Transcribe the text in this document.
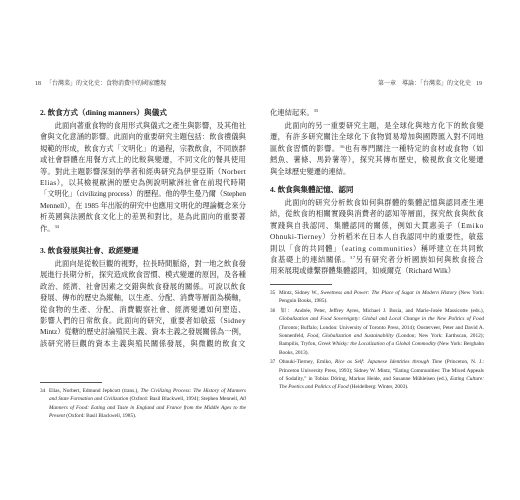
18 「台灣菜」的文化史：食物消費中的國家體現
2. 飲食方式（dining manners）與儀式
此面向著重食物的食用形式與儀式之產生與影響，及其他社
會與文化意涵的影響。此面向的重要研究主題包括：飲食禮儀與
規範的形成，飲食方式「文明化」的過程，宗教飲食，不同族群
或社會群體在用餐方式上的比較與變遷，不同文化的餐具使用
等。對此主題影響深刻的學者和經典研究為伊里亞斯（Norbert
Elias），以其檢視歐洲的歷史為例說明歐洲社會在前現代時期
「文明化」（civilizing process）的歷程。他的學生曼乃爾（Stephen
Mennell），在 1985 年出版的研究中也應用文明化的理論概念來分
析英國與法國飲食文化上的差異和對比，是為此面向的重要著
作。$^{34}$
3. 飲食發展與社會、政經變遷
此面向是從較巨觀的視野，拉長時間脈絡，對一地之飲食發
展進行長期分析，探究造成飲食習慣、模式變遷的原因，及各種
政治、經濟、社會因素之交錯與飲食發展的關係。可說以飲食
發展、傳布的歷史為縱軸，以生產、分配、消費等層面為橫軸，
從食物的生產、分配、消費觀察社會、經濟變遷如何塑造、
影響人們的日常飲食。此面向的研究，重要者如敏茲（Sidney
Mintz）從糖的歷史討論殖民主義、資本主義之發展關係為一例，
該研究將巨觀的資本主義與殖民關係發展，與微觀的飲食文
34 Elias, Norbert, Edmund Jephcott (trans.), The Civilizing Process: The History of Manners and State Formation and Civilization (Oxford: Basil Blackwell, 1994); Stephen Mennell, All Manners of Food: Eating and Taste in England and France from the Middle Ages to the Present (Oxford: Basil Blackwell, 1985).
第一章　導論：「台灣菜」的文化史 19
化連結起來。$^{35}$
此面向的另一重要研究主題，是全球化與地方化下的飲食變
遷，有許多研究關注全球化下食物貿易增加與國際匯入對不同地
區飲食習慣的影響。$^{36}$也有專門關注一種特定的食材或食物（如
鱈魚、薯條、馬鈴薯等），探究其傳布歷史，檢視飲食文化變遷
與全球歷史變遷的連結。
4. 飲食與集體記憶、認同
此面向的研究分析飲食如何與群體的集體記憶與認同產生連
結，從飲食的相關實踐與消費者的認知等層面，探究飲食與飲食
實踐與自我認同、集體認同的關係，例如大貫惠美子（Emiko
Ohnuki-Tierney）分析稻米在日本人自我認同中的重要性，敏茲
則以「食的共同體」（eating communities）稱呼建立在共同飲
食基礎上的連結關係。$^{37}$另有研究者分析國族如何與飲食接合
用來展現或維繫群體集體認同，如威爾克（Richard Wilk）
35 Mintz, Sidney W., Sweetness and Power: The Place of Sugar in Modern History (New York: Penguin Books, 1985).
36 如：Andrée, Peter, Jeffrey Ayres, Michael J. Bosia, and Marie-Josée Massicotte (eds.), Globalization and Food Sovereignty: Global and Local Change in the New Politics of Food (Toronto; Buffalo; London: University of Toronto Press, 2014); Oosterveer, Peter and David A. Sonnenfeld, Food, Globalization and Sustainability (London; New York: Earthscan, 2012); Bampilis, Tryfon, Greek Whisky: the Localization of a Global Commodity (New York: Berghahn Books, 2013).
37 Ohnuki-Tierney, Emiko, Rice as Self: Japanese Identities through Time (Princeton, N. J.: Princeton University Press, 1993); Sidney W. Mintz, “Eating Communities: The Mixed Appeals of Sodality,” in Tobias Döring, Markus Heide, and Susanne Mühleisen (ed.), Eating Culture: The Poetics and Politics of Food (Heidelberg: Winter, 2003).
